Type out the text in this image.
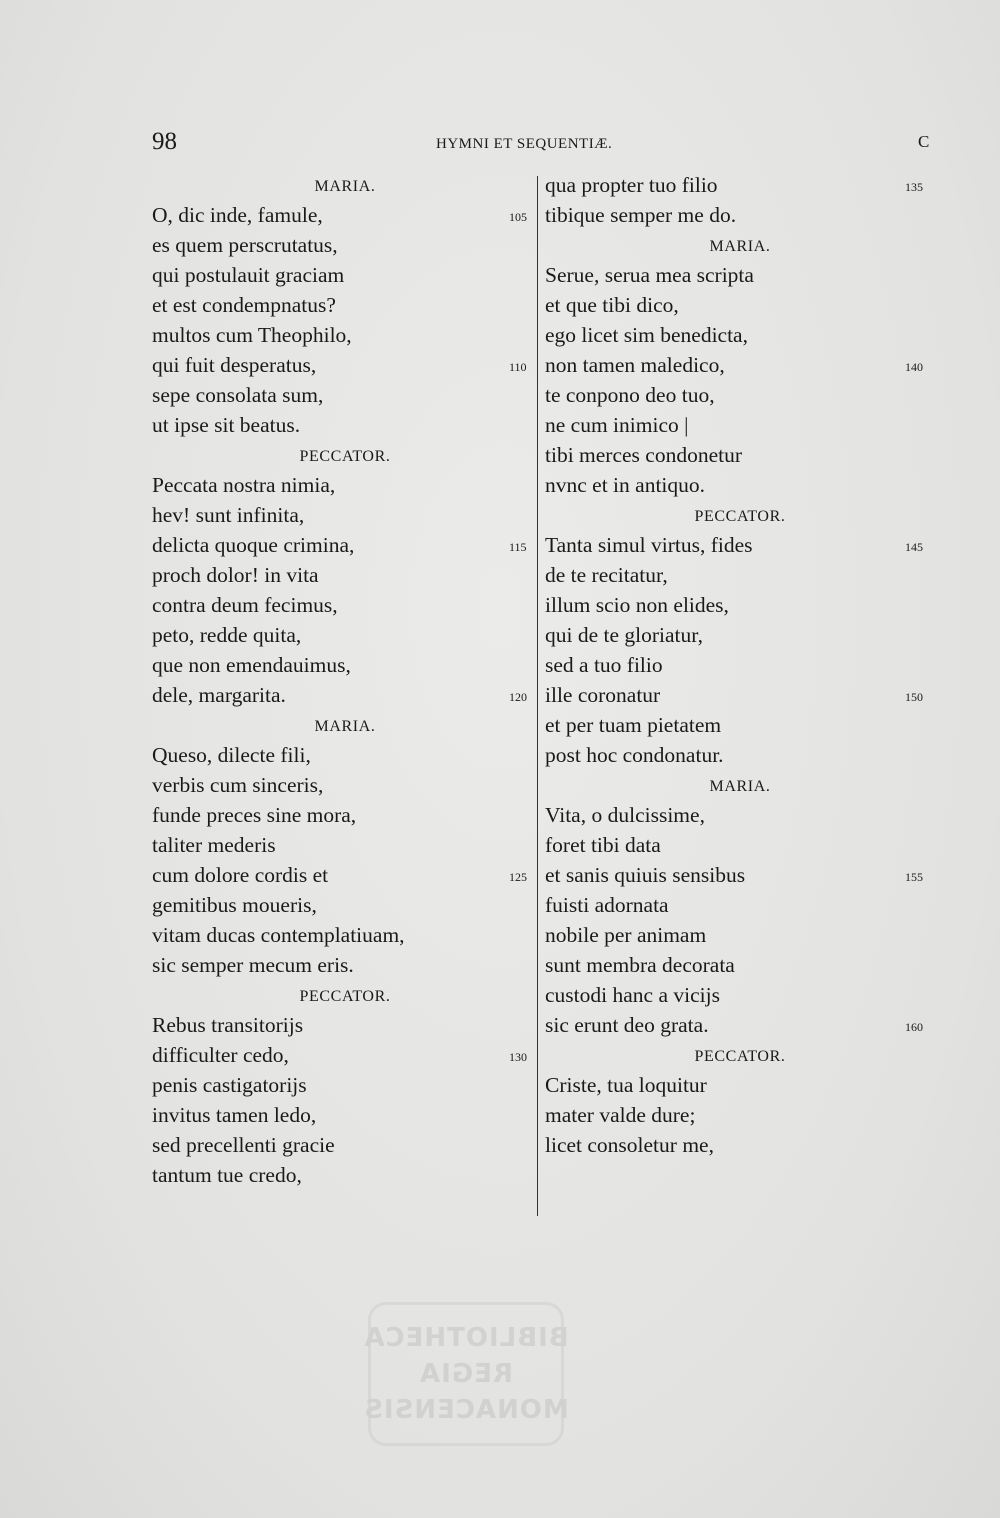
98	HYMNI ET SEQUENTIÆ.	C
MARIA.
O, dic inde, famule,	105
es quem perscrutatus,
qui postulauit graciam
et est condempnatus?
multos cum Theophilo,
qui fuit desperatus,	110
sepe consolata sum,
ut ipse sit beatus.
PECCATOR.
Peccata nostra nimia,
hev! sunt infinita,
delicta quoque crimina,	115
proch dolor! in vita
contra deum fecimus,
peto, redde quita,
que non emendauimus,
dele, margarita.	120
MARIA.
Queso, dilecte fili,
verbis cum sinceris,
funde preces sine mora,
taliter mederis
cum dolore cordis et	125
gemitibus moueris,
vitam ducas contemplatiuam,
sic semper mecum eris.
PECCATOR.
Rebus transitorijs
difficulter cedo,	130
penis castigatorijs
invitus tamen ledo,
sed precellenti gracie
tantum tue credo,
qua propter tuo filio	135
tibique semper me do.
MARIA.
Serue, serua mea scripta
et que tibi dico,
ego licet sim benedicta,
non tamen maledico,	140
te conpono deo tuo,
ne cum inimico |
tibi merces condonetur
nvnc et in antiquo.
PECCATOR.
Tanta simul virtus, fides	145
de te recitatur,
illum scio non elides,
qui de te gloriatur,
sed a tuo filio
ille coronatur	150
et per tuam pietatem
post hoc condonatur.
MARIA.
Vita, o dulcissime,
foret tibi data
et sanis quiuis sensibus	155
fuisti adornata
nobile per animam
sunt membra decorata
custodi hanc a vicijs
sic erunt deo grata.	160
PECCATOR.
Criste, tua loquitur
mater valde dure;
licet consoletur me,
BIBLIOTHECA
REGIA
MONACENSIS
